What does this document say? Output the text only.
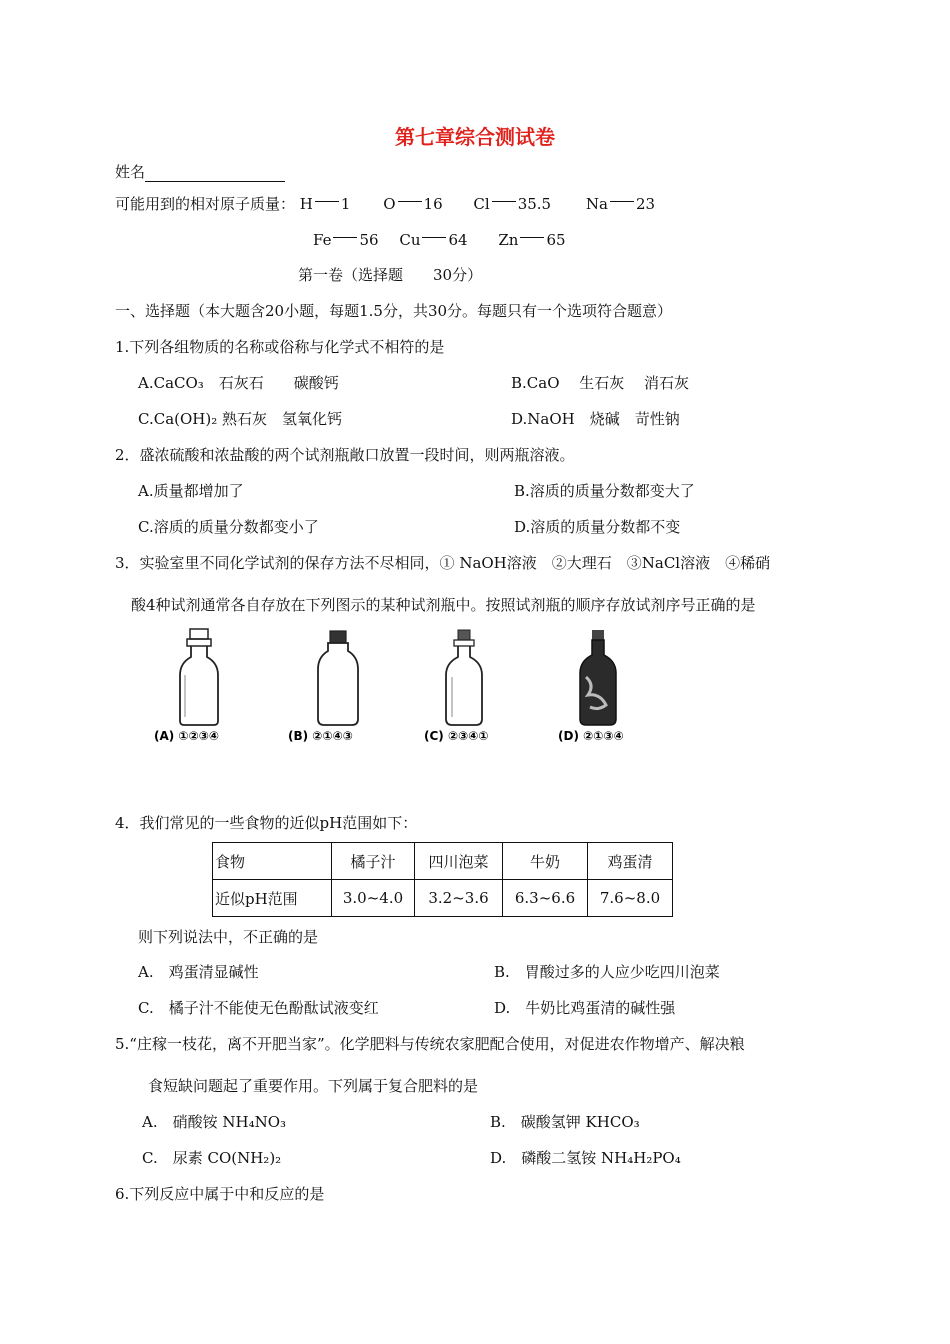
第七章综合测试卷
姓名
可能用到的相对原子质量： H 1 O 16 Cl 35.5 Na 23
Fe 56 Cu 64 Zn 65
第一卷（选择题　　30分）
一、选择题（本大题含20小题，每题1.5分，共30分。每题只有一个选项符合题意）
1.下列各组物质的名称或俗称与化学式不相符的是
A.CaCO₃　石灰石　　碳酸钙	B.CaO　 生石灰　 消石灰
C.Ca(OH)₂ 熟石灰　氢氧化钙	D.NaOH　烧碱　苛性钠
2．盛浓硫酸和浓盐酸的两个试剂瓶敞口放置一段时间，则两瓶溶液。
A.质量都增加了	B.溶质的质量分数都变大了
C.溶质的质量分数都变小了	D.溶质的质量分数都不变
3．实验室里不同化学试剂的保存方法不尽相同，① NaOH溶液　②大理石　③NaCl溶液　④稀硝
酸4种试剂通常各自存放在下列图示的某种试剂瓶中。按照试剂瓶的顺序存放试剂序号正确的是
(A) ①②③④	(B) ②①④③	(C) ②③④①	(D) ②①③④
4．我们常见的一些食物的近似pH范围如下：
食物	橘子汁	四川泡菜	牛奶	鸡蛋清
近似pH范围	3.0~4.0	3.2~3.6	6.3~6.6	7.6~8.0
则下列说法中，不正确的是
A.　鸡蛋清显碱性	B.　胃酸过多的人应少吃四川泡菜
C.　橘子汁不能使无色酚酞试液变红	D.　牛奶比鸡蛋清的碱性强
5.“庄稼一枝花，离不开肥当家”。化学肥料与传统农家肥配合使用，对促进农作物增产、解决粮
食短缺问题起了重要作用。下列属于复合肥料的是
A.　硝酸铵 NH₄NO₃	B.　碳酸氢钾 KHCO₃
C.　尿素 CO(NH₂)₂	D.　磷酸二氢铵 NH₄H₂PO₄
6.下列反应中属于中和反应的是
